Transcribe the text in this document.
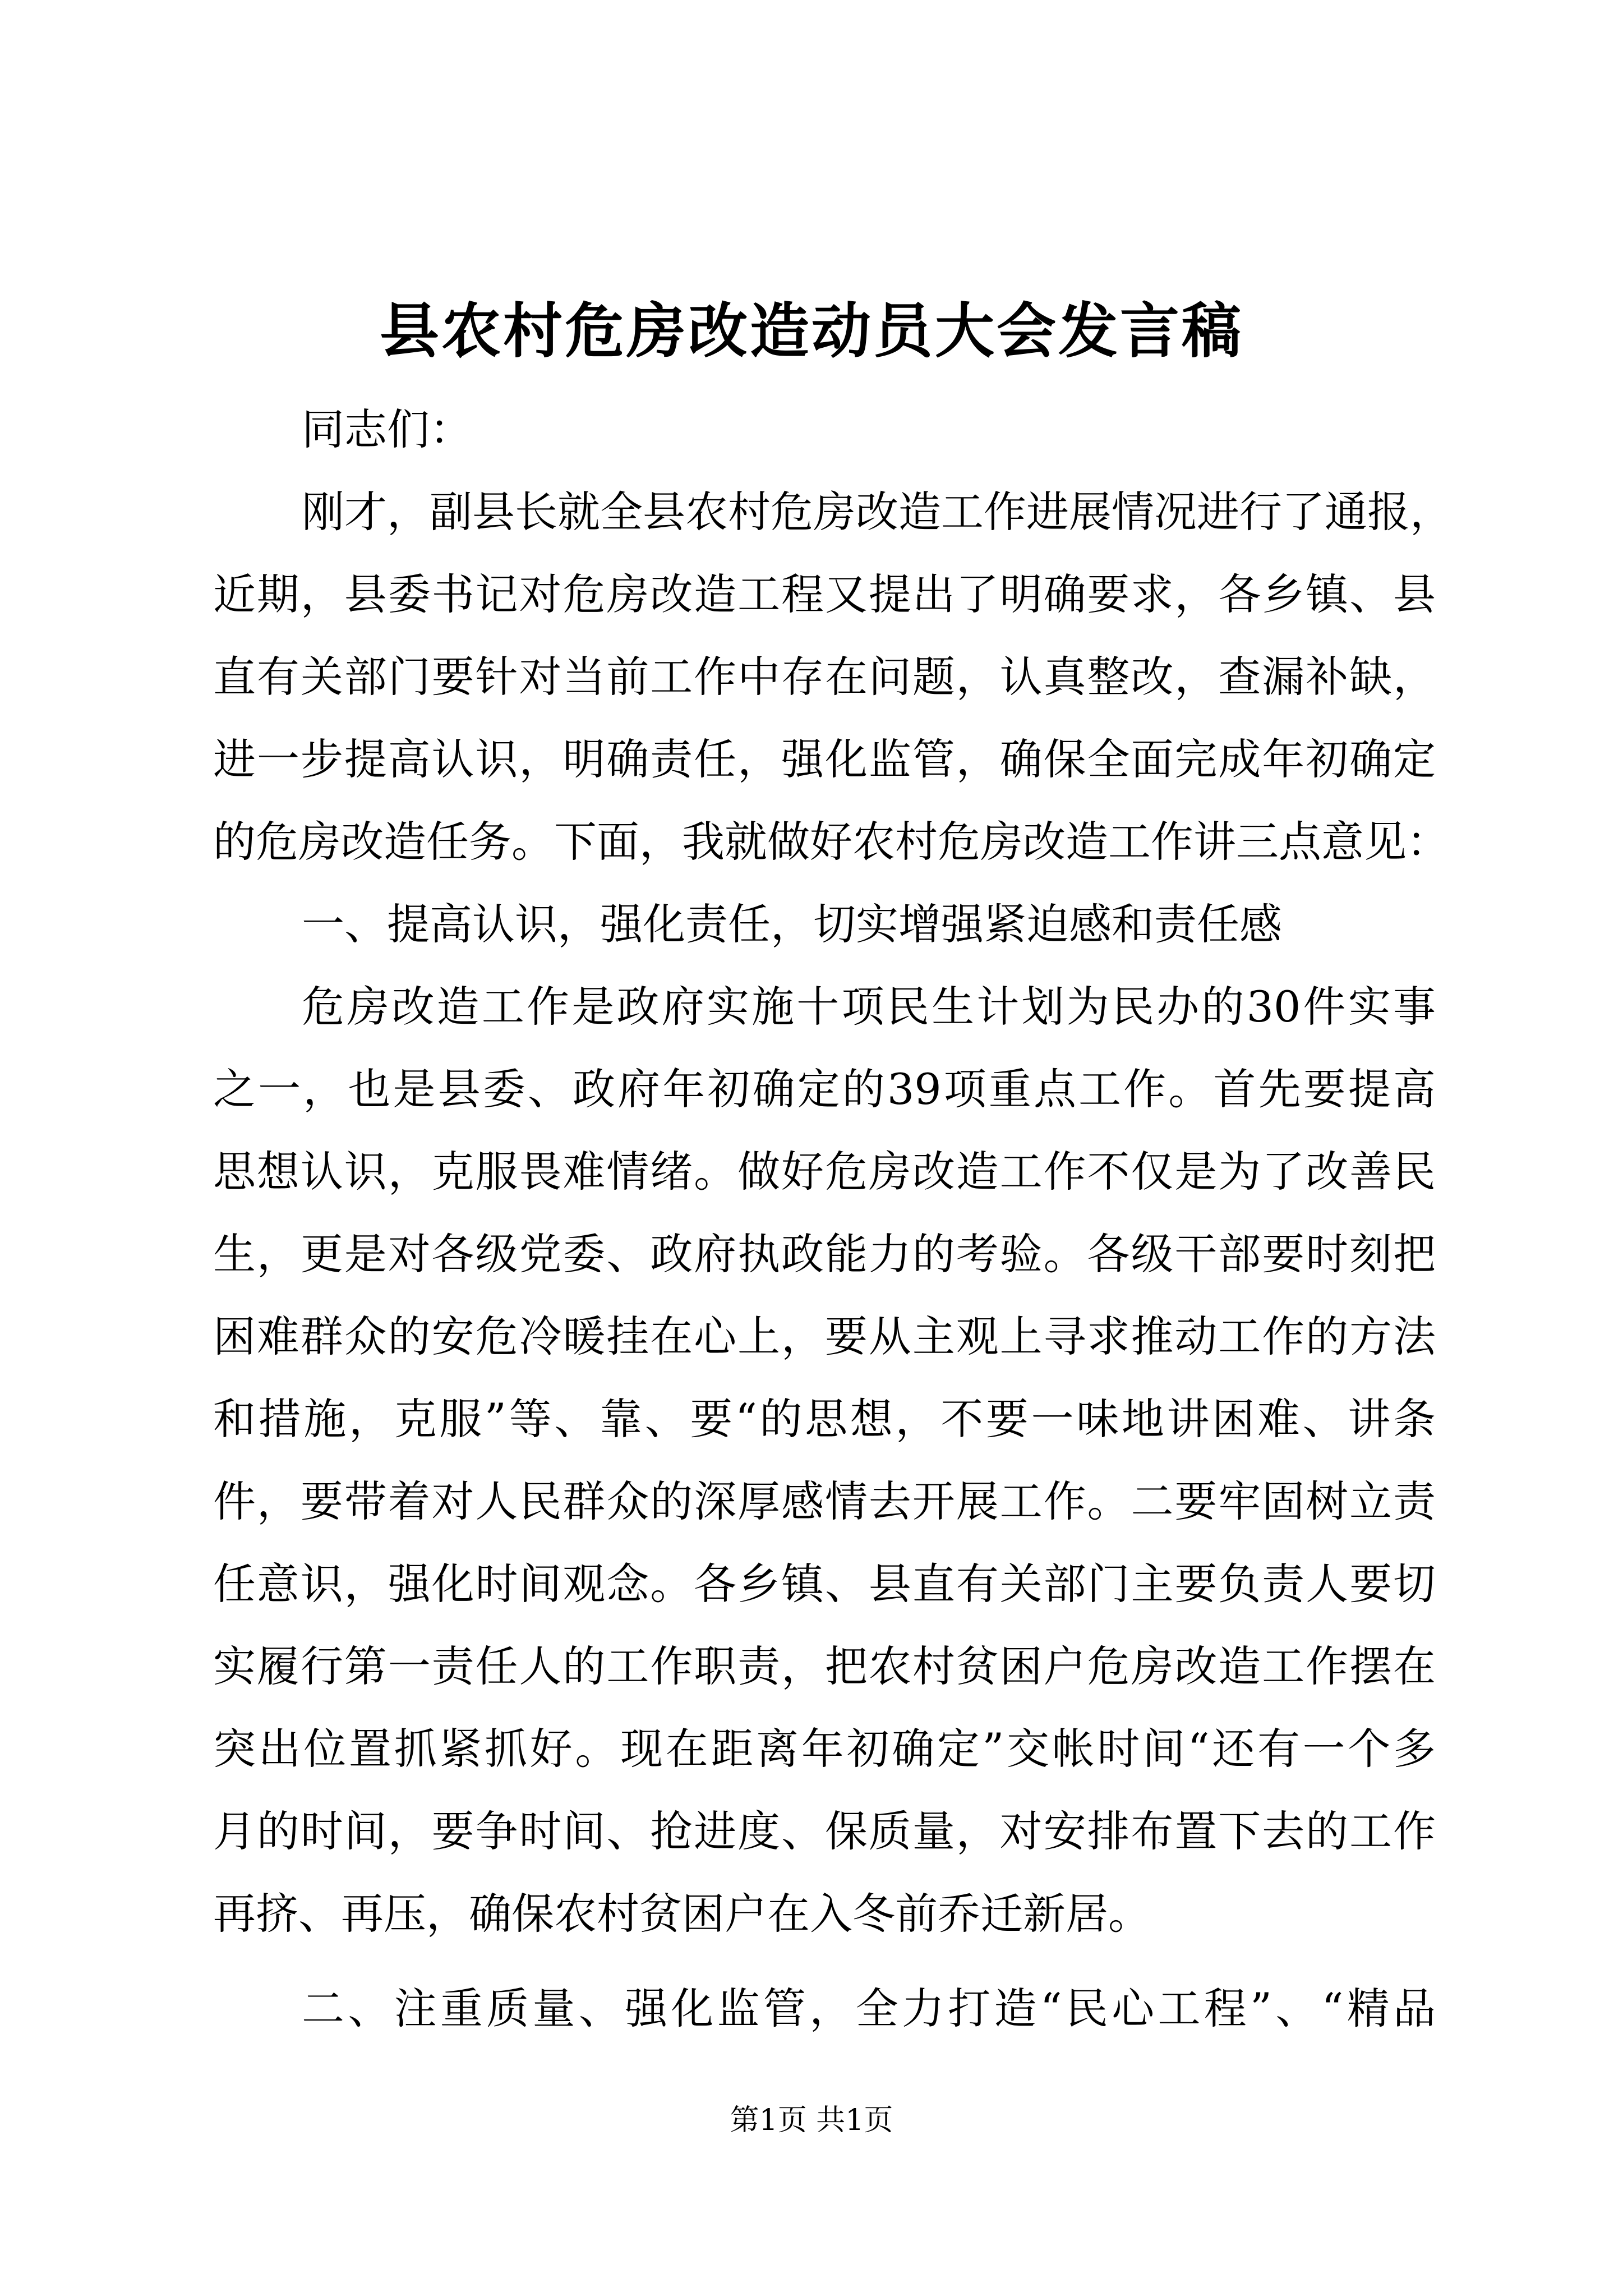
县农村危房改造动员大会发言稿
同志们：
刚才，副县长就全县农村危房改造工作进展情况进行了通报，
近期，县委书记对危房改造工程又提出了明确要求，各乡镇、县
直有关部门要针对当前工作中存在问题，认真整改，查漏补缺，
进一步提高认识，明确责任，强化监管，确保全面完成年初确定
的危房改造任务。下面，我就做好农村危房改造工作讲三点意见：
一、提高认识，强化责任，切实增强紧迫感和责任感
危房改造工作是政府实施十项民生计划为民办的30件实事
之一，也是县委、政府年初确定的39项重点工作。首先要提高
思想认识，克服畏难情绪。做好危房改造工作不仅是为了改善民
生，更是对各级党委、政府执政能力的考验。各级干部要时刻把
困难群众的安危冷暖挂在心上，要从主观上寻求推动工作的方法
和措施，克服”等、靠、要“的思想，不要一味地讲困难、讲条
件，要带着对人民群众的深厚感情去开展工作。二要牢固树立责
任意识，强化时间观念。各乡镇、县直有关部门主要负责人要切
实履行第一责任人的工作职责，把农村贫困户危房改造工作摆在
突出位置抓紧抓好。现在距离年初确定”交帐时间“还有一个多
月的时间，要争时间、抢进度、保质量，对安排布置下去的工作
再挤、再压，确保农村贫困户在入冬前乔迁新居。
二、注重质量、强化监管，全力打造“民心工程”、“精品
第1页 共1页
